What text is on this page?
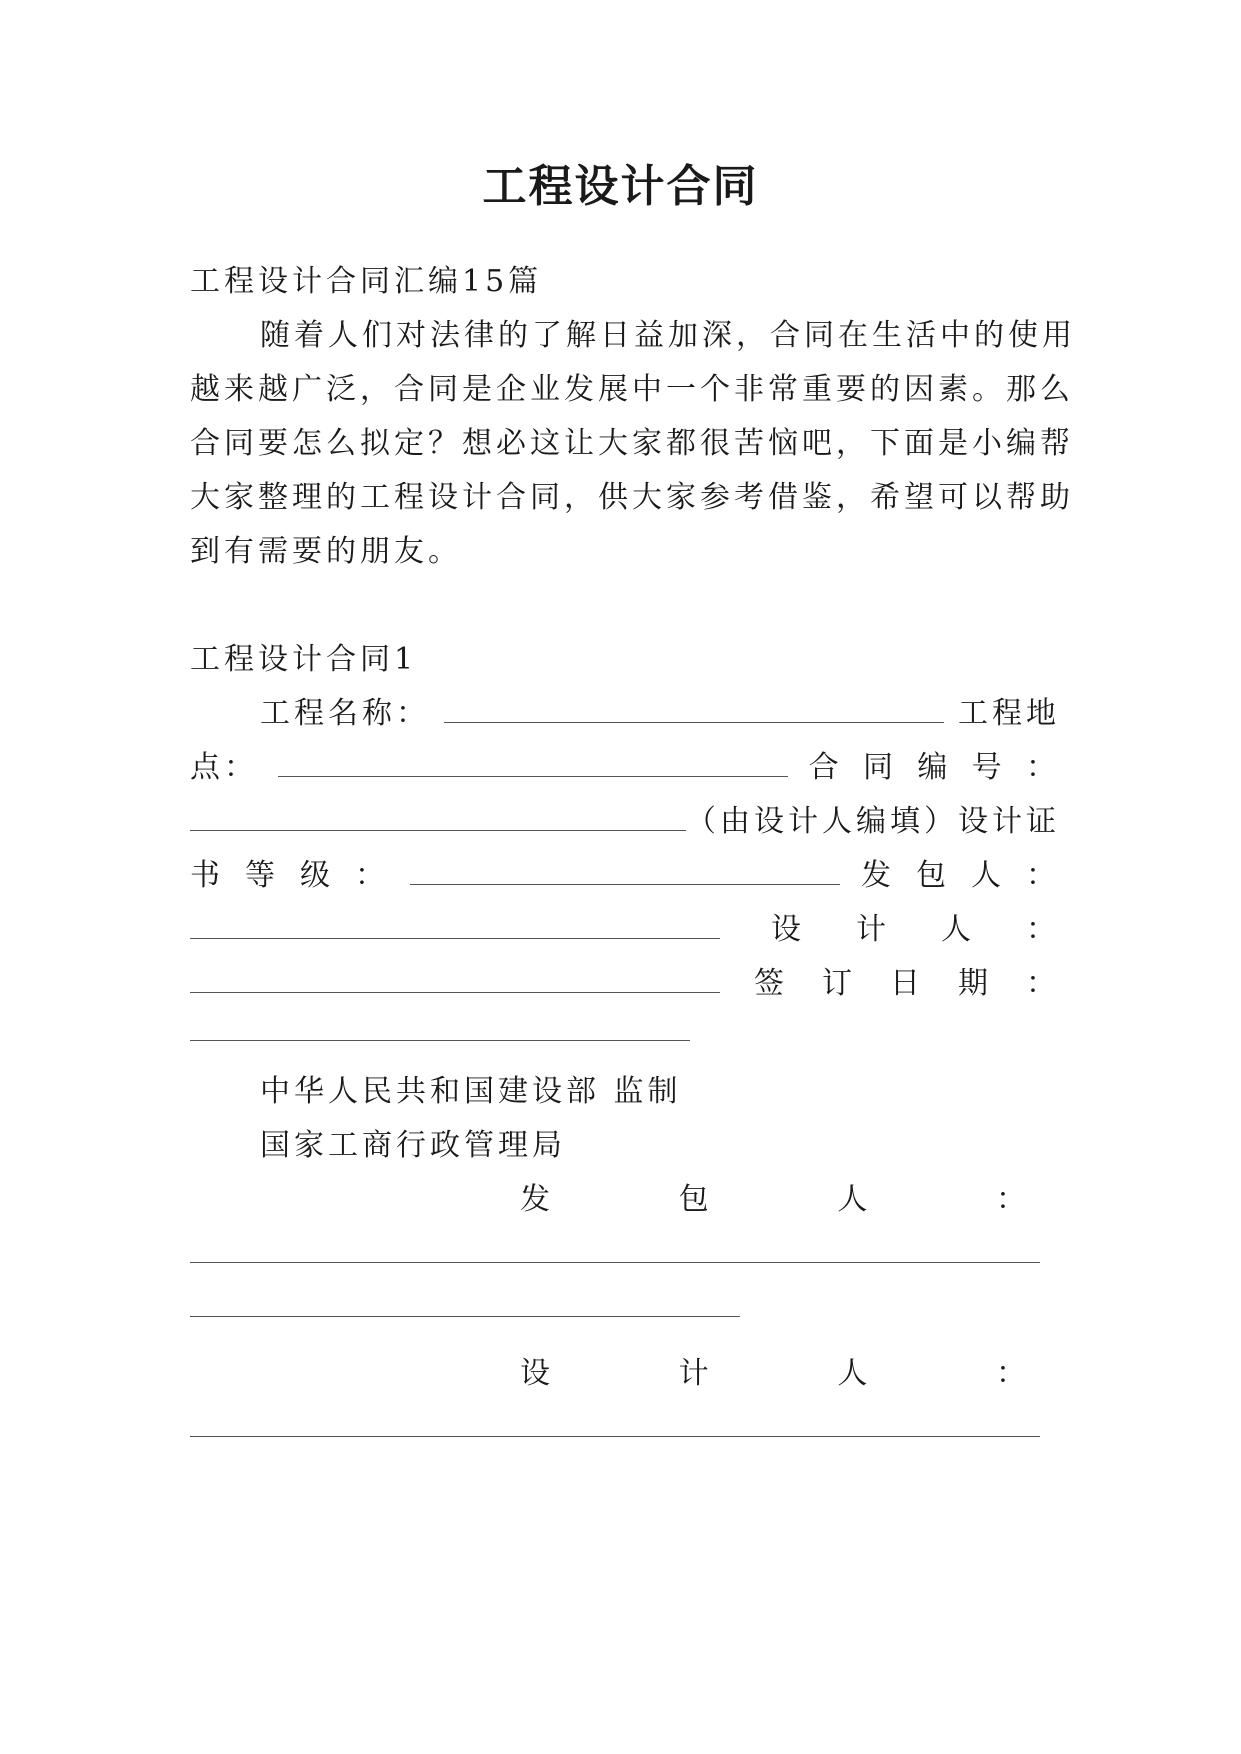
工程设计合同
工程设计合同汇编15篇
随着人们对法律的了解日益加深，合同在生活中的使用
越来越广泛，合同是企业发展中一个非常重要的因素。那么
合同要怎么拟定？想必这让大家都很苦恼吧，下面是小编帮
大家整理的工程设计合同，供大家参考借鉴，希望可以帮助
到有需要的朋友。
工程设计合同1
工程名称：	工程地
点：	合 同 编 号 ：
（由设计人编填）设计证
书 等 级 ：	发 包 人 ：
设 计 人 ：
签 订 日 期 ：
中华人民共和国建设部 监制
国家工商行政管理局
发	包	人	：
设	计	人	：
